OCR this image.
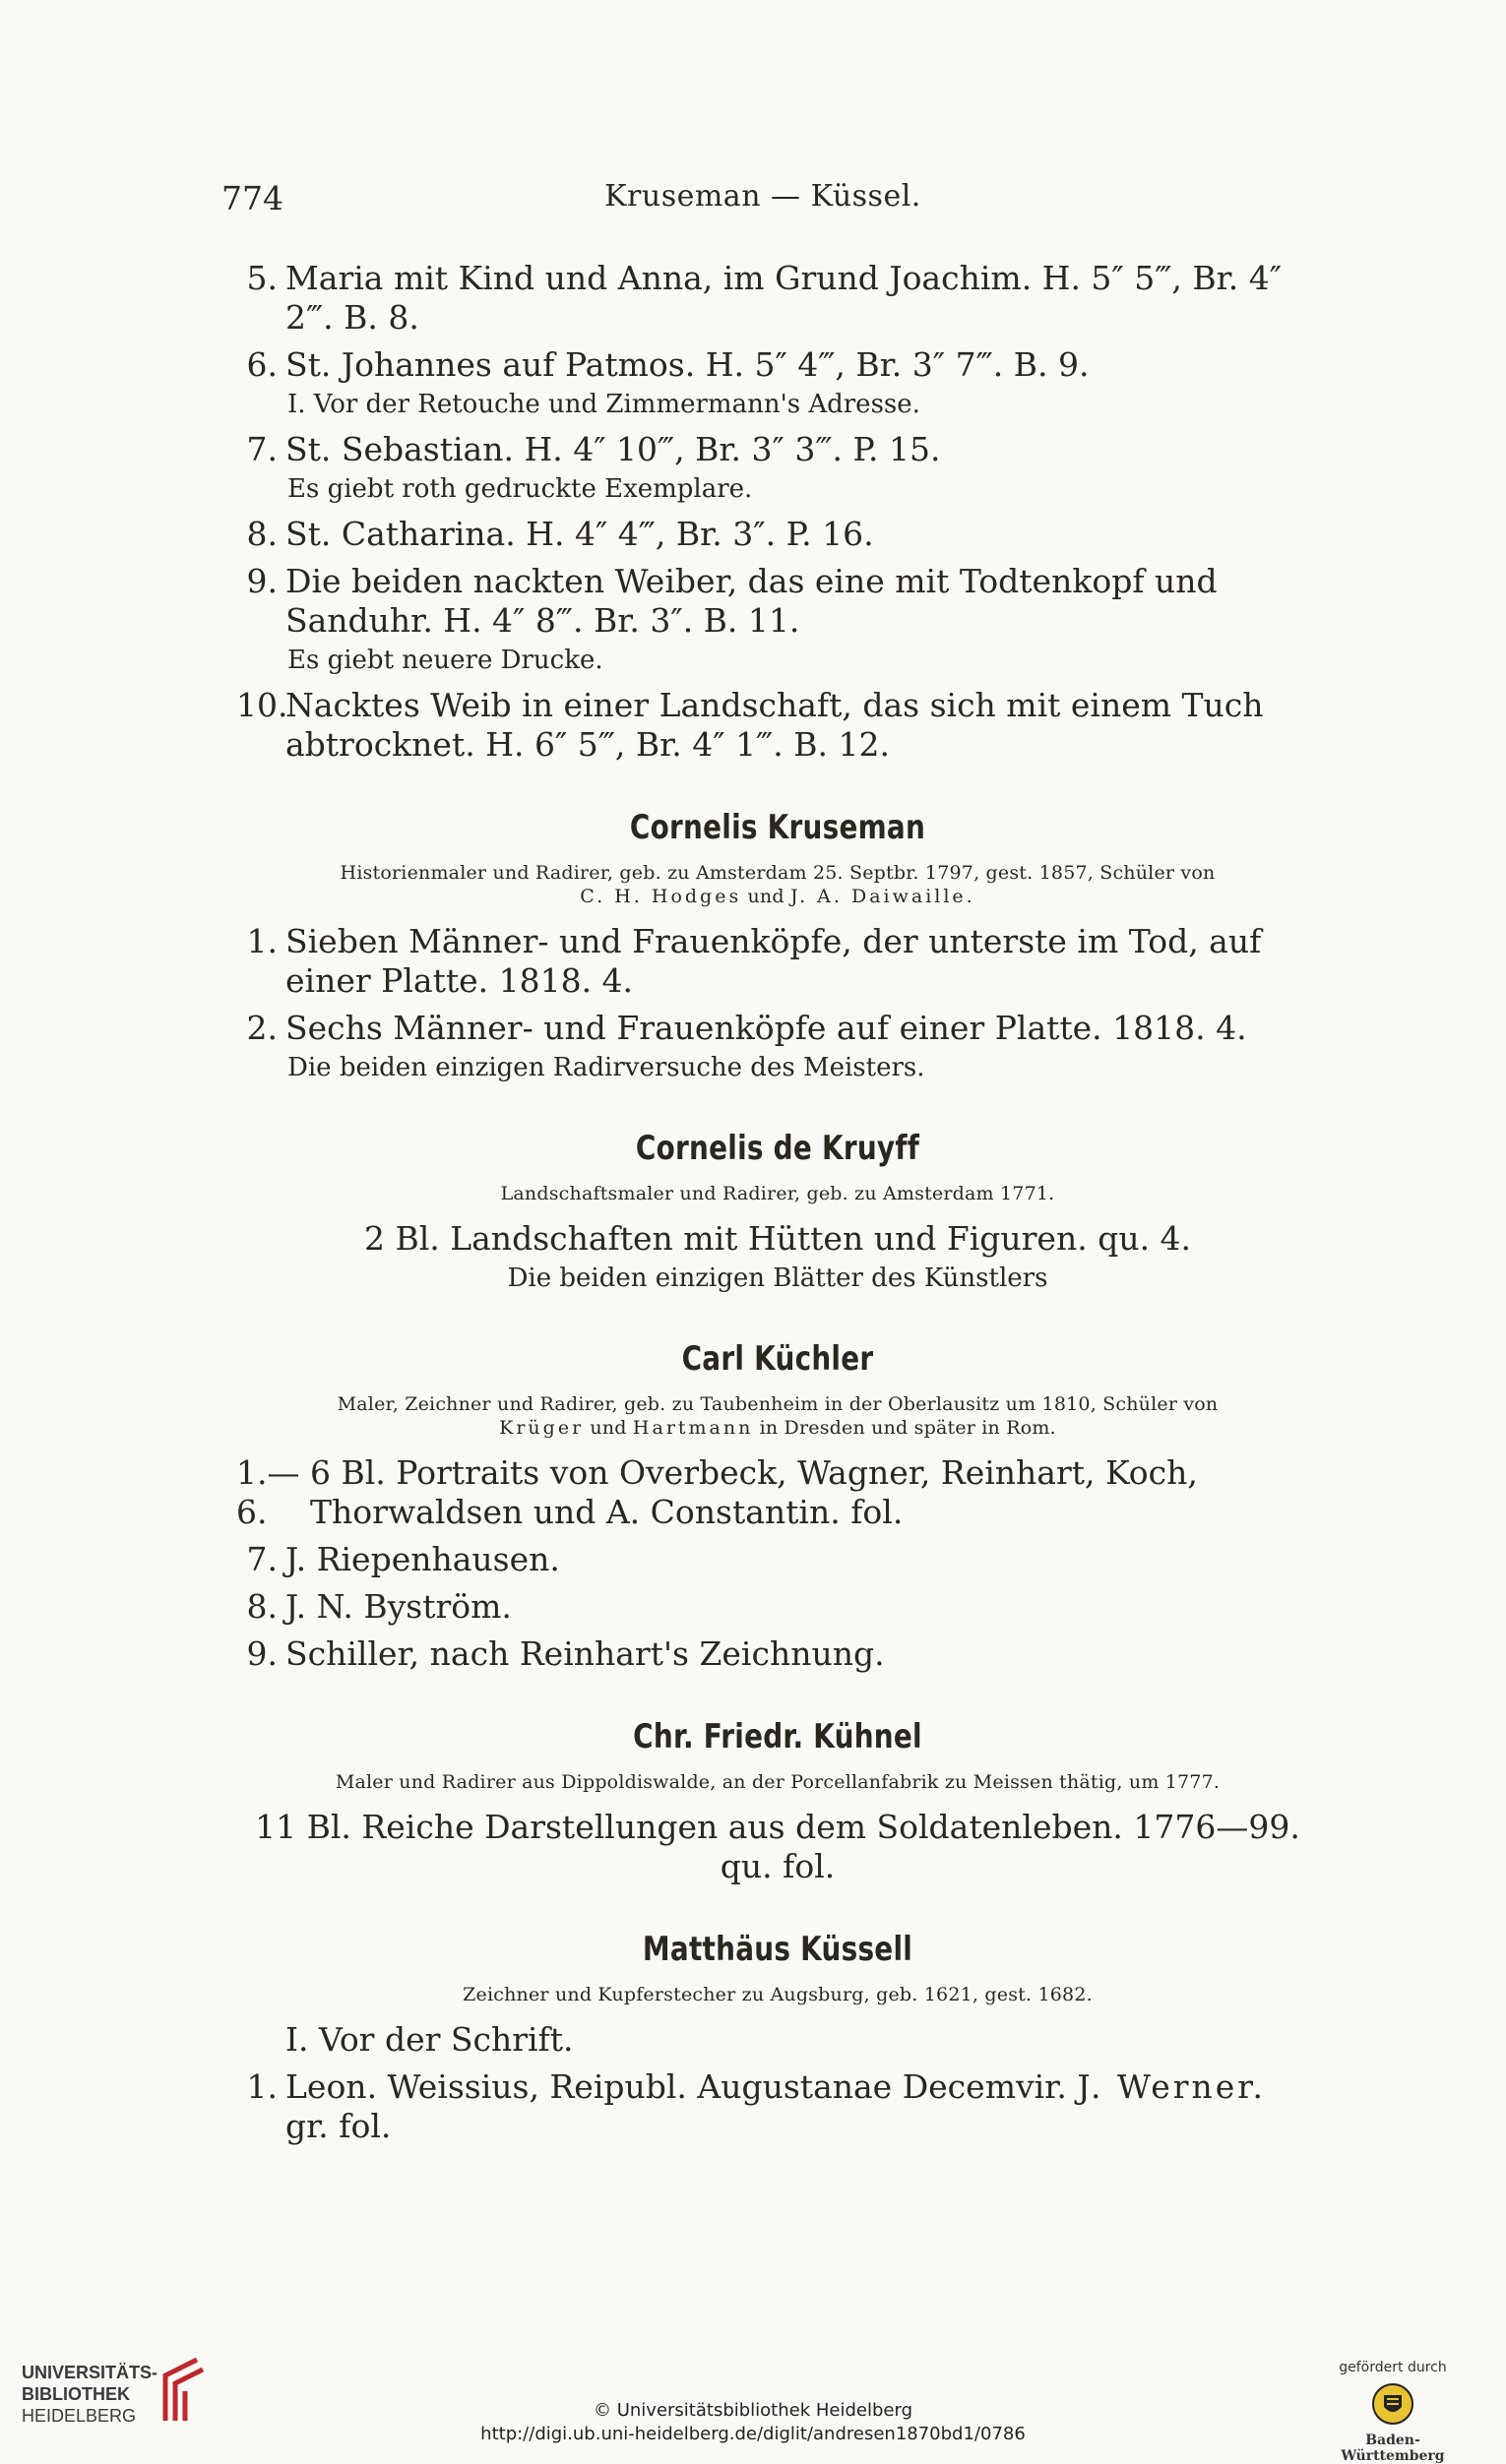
774	Kruseman — Küssel.
5. Maria mit Kind und Anna, im Grund Joachim. H. 5″ 5‴, Br. 4″ 2‴. B. 8.
6. St. Johannes auf Patmos. H. 5″ 4‴, Br. 3″ 7‴. B. 9.
I. Vor der Retouche und Zimmermann's Adresse.
7. St. Sebastian. H. 4″ 10‴, Br. 3″ 3‴. P. 15.
Es giebt roth gedruckte Exemplare.
8. St. Catharina. H. 4″ 4‴, Br. 3″. P. 16.
9. Die beiden nackten Weiber, das eine mit Todtenkopf und Sanduhr. H. 4″ 8‴. Br. 3″. B. 11.
Es giebt neuere Drucke.
10.
Nacktes Weib in einer Landschaft, das sich mit einem Tuch abtrocknet. H. 6″ 5‴, Br. 4″ 1‴. B. 12.
Cornelis Kruseman
Historienmaler und Radirer, geb. zu Amsterdam 25. Septbr. 1797, gest. 1857, Schüler von
C. H. Hodges und J. A. Daiwaille.
1. Sieben Männer- und Frauenköpfe, der unterste im Tod, auf einer Platte. 1818. 4.
2. Sechs Männer- und Frauenköpfe auf einer Platte. 1818. 4.
Die beiden einzigen Radirversuche des Meisters.
Cornelis de Kruyff
Landschaftsmaler und Radirer, geb. zu Amsterdam 1771.
2 Bl. Landschaften mit Hütten und Figuren. qu. 4.
Die beiden einzigen Blätter des Künstlers
Carl Küchler
Maler, Zeichner und Radirer, geb. zu Taubenheim in der Oberlausitz um 1810, Schüler von
Krüger und Hartmann in Dresden und später in Rom.
1.—6.
6 Bl. Portraits von Overbeck, Wagner, Reinhart, Koch, Thorwaldsen und A. Constantin. fol.
7. J. Riepenhausen.
8. J. N. Byström.
9. Schiller, nach Reinhart's Zeichnung.
Chr. Friedr. Kühnel
Maler und Radirer aus Dippoldiswalde, an der Porcellanfabrik zu Meissen thätig, um 1777.
11 Bl. Reiche Darstellungen aus dem Soldatenleben. 1776—99. qu. fol.
Matthäus Küssell
Zeichner und Kupferstecher zu Augsburg, geb. 1621, gest. 1682.
I. Vor der Schrift.
1. Leon. Weissius, Reipubl. Augustanae Decemvir. J. Werner. gr. fol.
UNIVERSITÄTS-
BIBLIOTHEK
HEIDELBERG	© Universitätsbibliothek Heidelberg
http://digi.ub.uni-heidelberg.de/diglit/andresen1870bd1/0786
gefördert durch
Baden-Württemberg
